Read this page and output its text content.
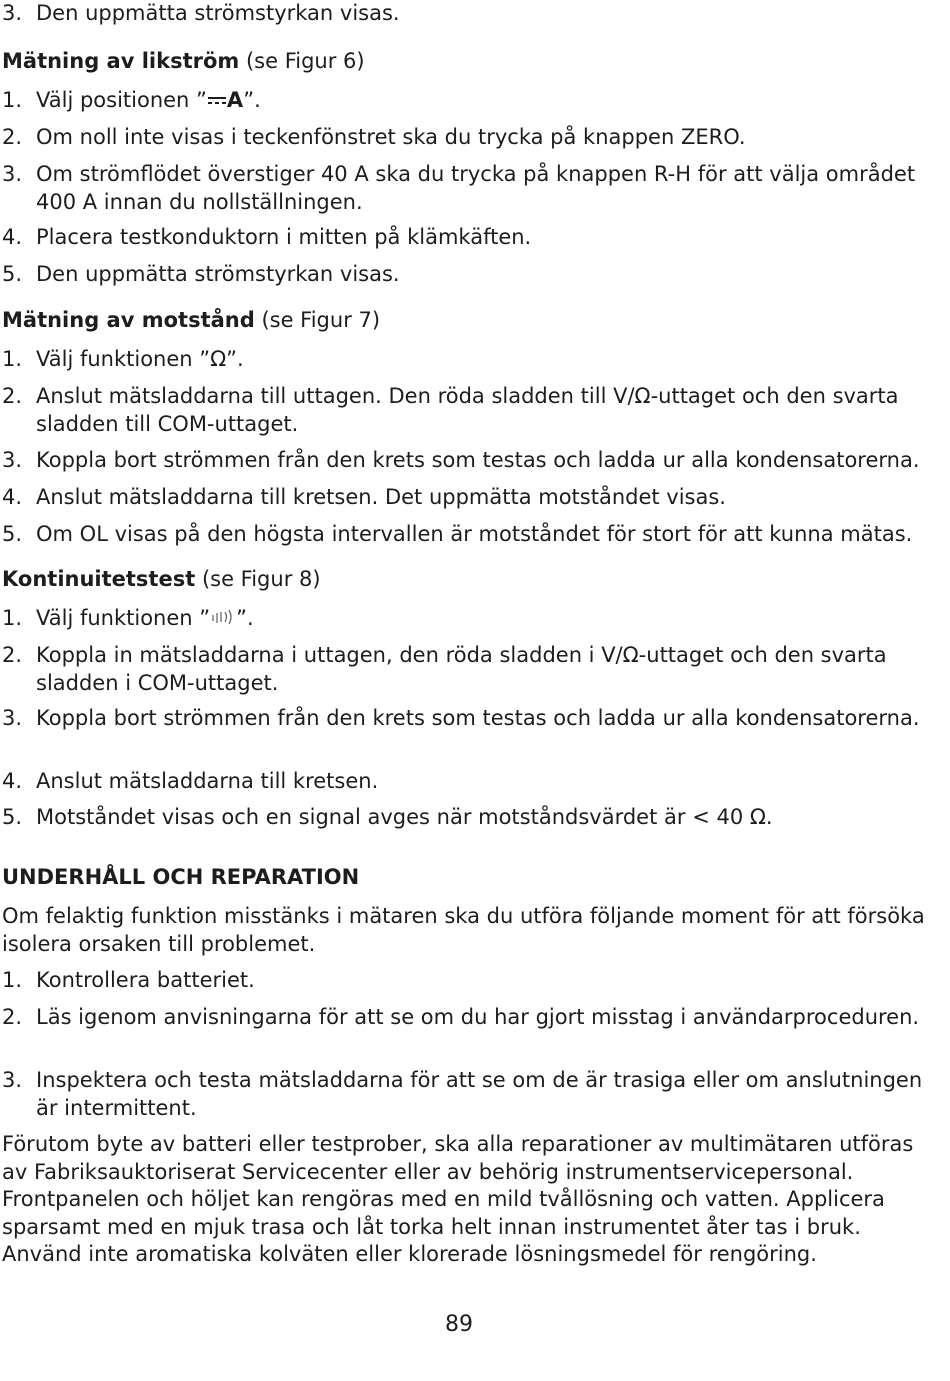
3. Den uppmätta strömstyrkan visas.
Mätning av likström (se Figur 6)
1. Välj positionen ” A”.
2. Om noll inte visas i teckenfönstret ska du trycka på knappen ZERO.
3. Om strömflödet överstiger 40 A ska du trycka på knappen R-H för att välja området 400 A innan du nollställningen.
4. Placera testkonduktorn i mitten på klämkäften.
5. Den uppmätta strömstyrkan visas.
Mätning av motstånd (se Figur 7)
1. Välj funktionen ”Ω”.
2. Anslut mätsladdarna till uttagen. Den röda sladden till V/Ω-uttaget och den svarta sladden till COM-uttaget.
3. Koppla bort strömmen från den krets som testas och ladda ur alla kondensatorerna.
4. Anslut mätsladdarna till kretsen. Det uppmätta motståndet visas.
5. Om OL visas på den högsta intervallen är motståndet för stort för att kunna mätas.
Kontinuitetstest (se Figur 8)
1. Välj funktionen ” ”.
2. Koppla in mätsladdarna i uttagen, den röda sladden i V/Ω-uttaget och den svarta sladden i COM-uttaget.
3. Koppla bort strömmen från den krets som testas och ladda ur alla kondensatorerna.
4. Anslut mätsladdarna till kretsen.
5. Motståndet visas och en signal avges när motståndsvärdet är < 40 Ω.
UNDERHÅLL OCH REPARATION
Om felaktig funktion misstänks i mätaren ska du utföra följande moment för att försöka isolera orsaken till problemet.
1. Kontrollera batteriet.
2. Läs igenom anvisningarna för att se om du har gjort misstag i användarproceduren.
3. Inspektera och testa mätsladdarna för att se om de är trasiga eller om anslutningen är intermittent.
Förutom byte av batteri eller testprober, ska alla reparationer av multimätaren utföras av Fabriksauktoriserat Servicecenter eller av behörig instrumentservicepersonal. Frontpanelen och höljet kan rengöras med en mild tvållösning och vatten. Applicera sparsamt med en mjuk trasa och låt torka helt innan instrumentet åter tas i bruk. Använd inte aromatiska kolväten eller klorerade lösningsmedel för rengöring.
89
